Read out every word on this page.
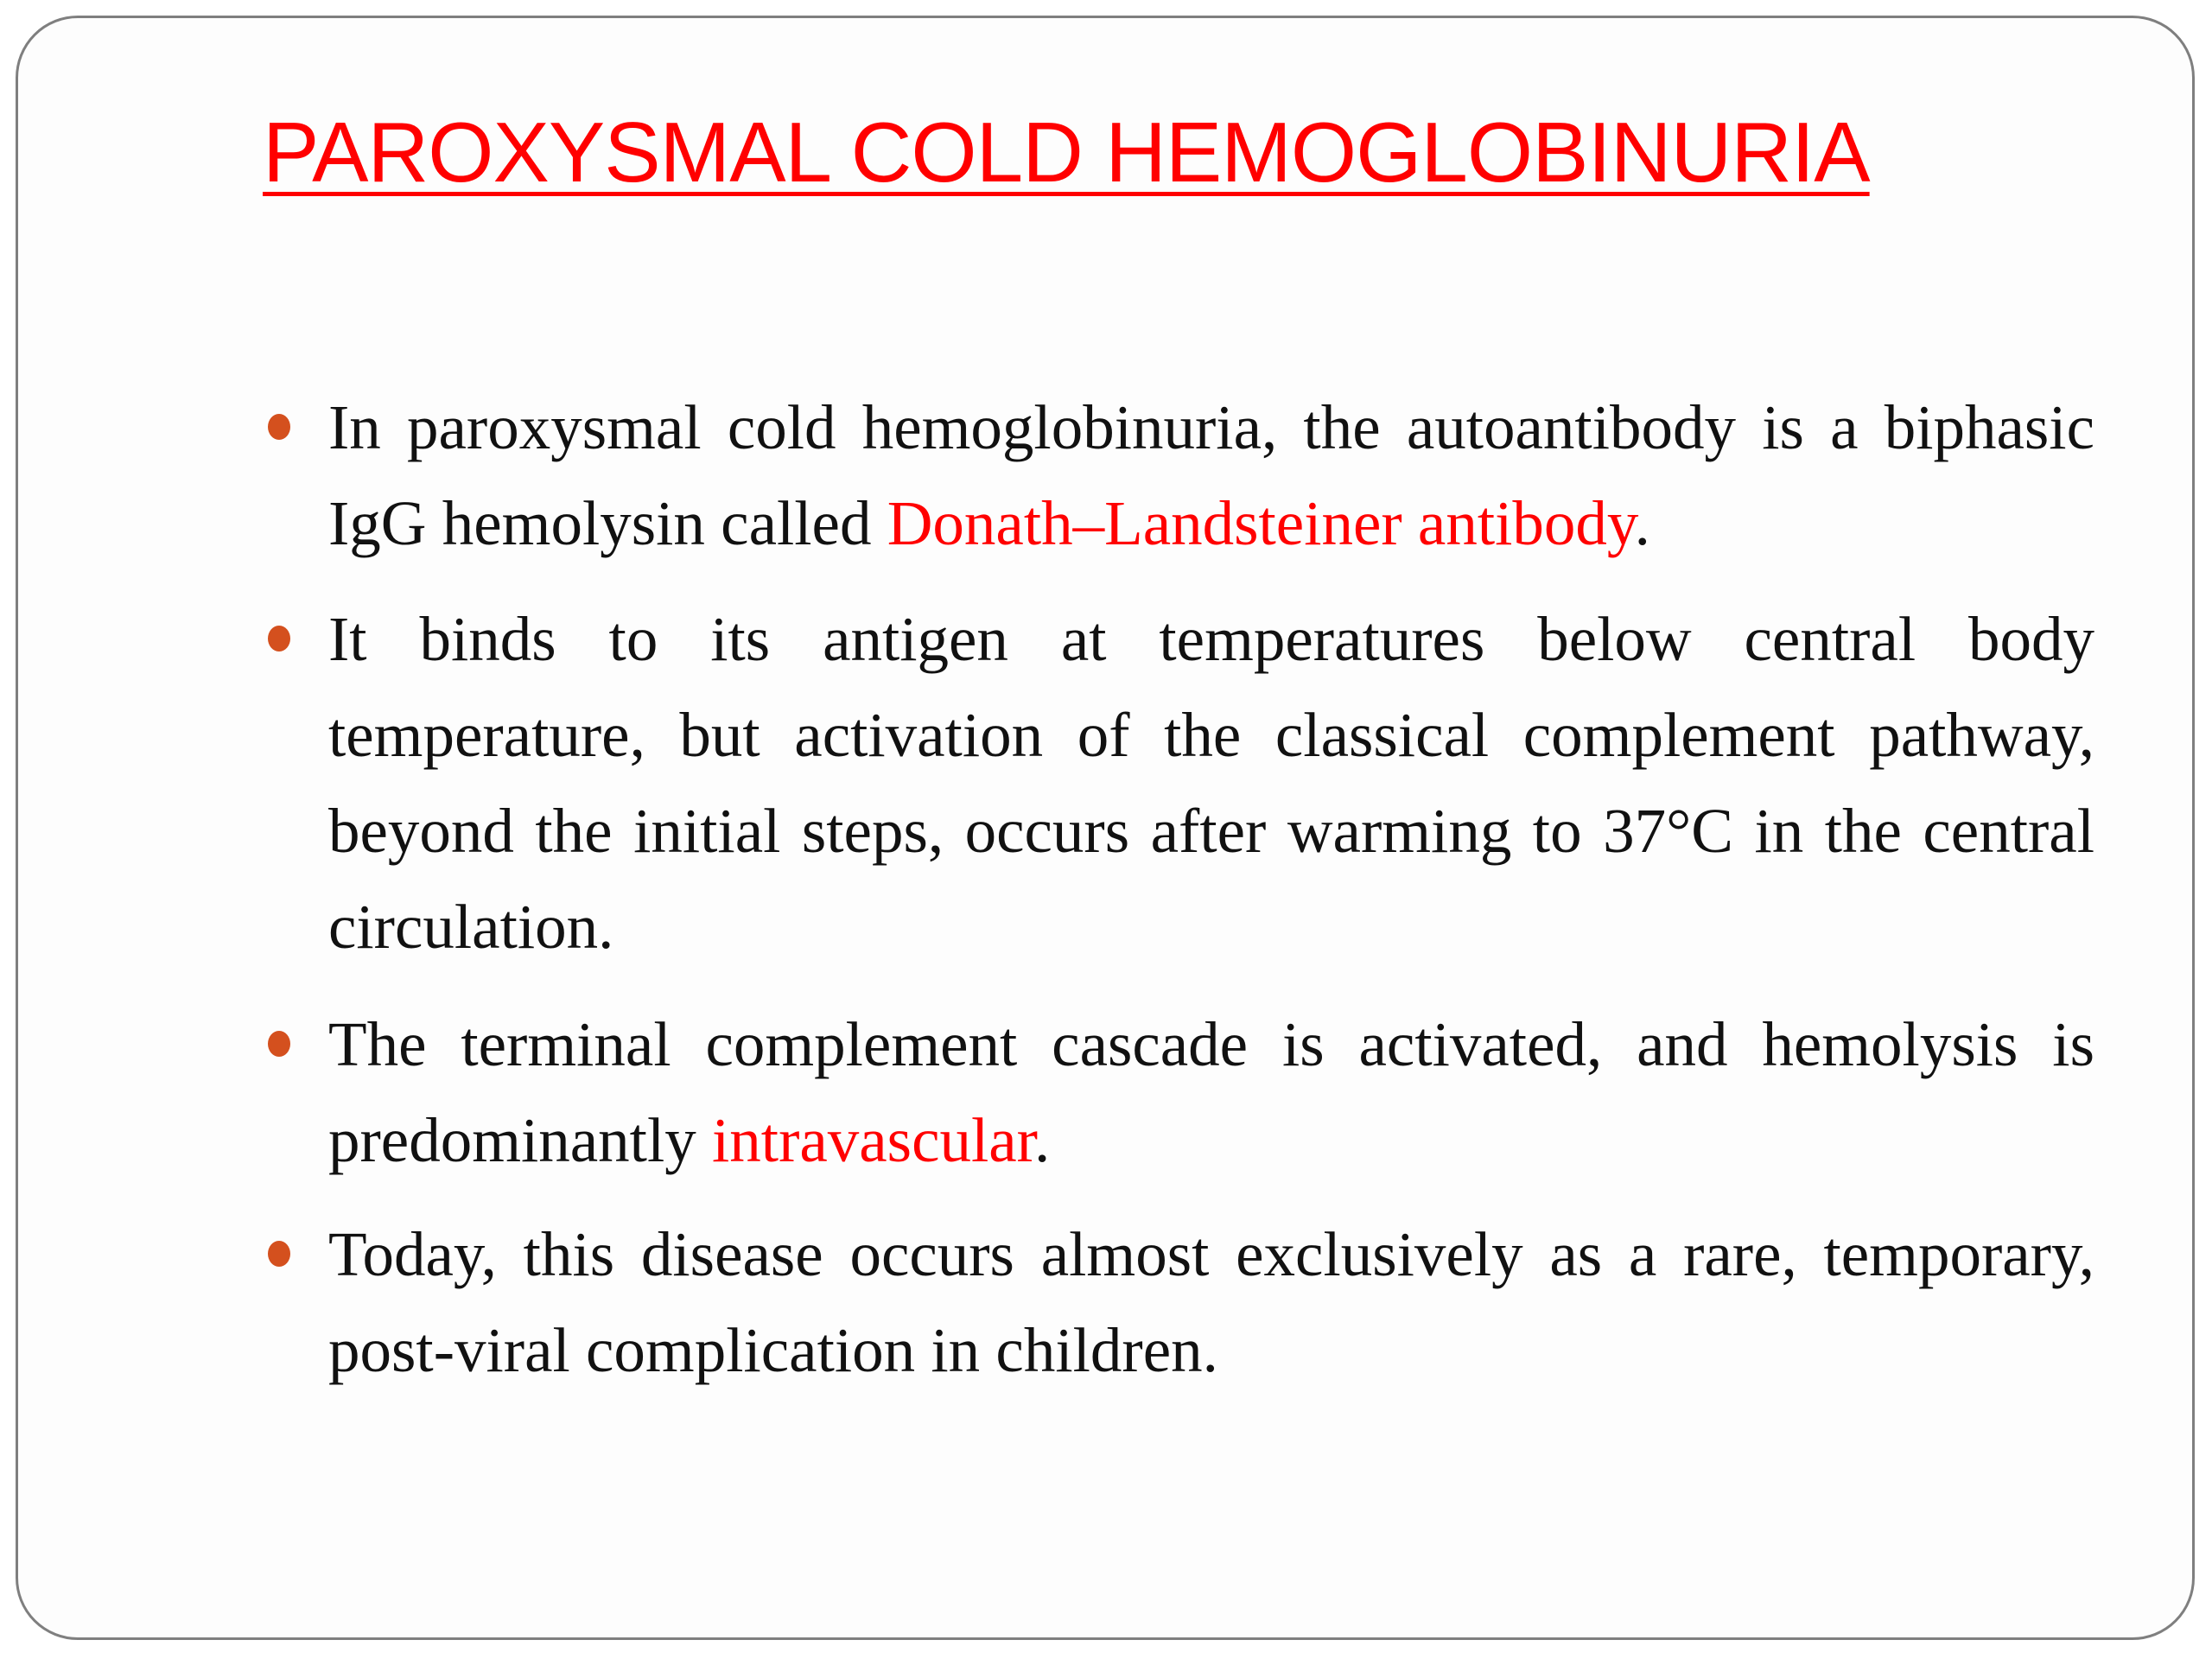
PAROXYSMAL COLD HEMOGLOBINURIA
In paroxysmal cold hemoglobinuria, the autoantibody is a biphasic IgG hemolysin called Donath–Landsteiner antibody.
It binds to its antigen at temperatures below central body temperature, but activation of the classical complement pathway, beyond the initial steps, occurs after warming to 37°C in the central circulation.
The terminal complement cascade is activated, and hemolysis is predominantly intravascular.
Today, this disease occurs almost exclusively as a rare, temporary, post-viral complication in children.
